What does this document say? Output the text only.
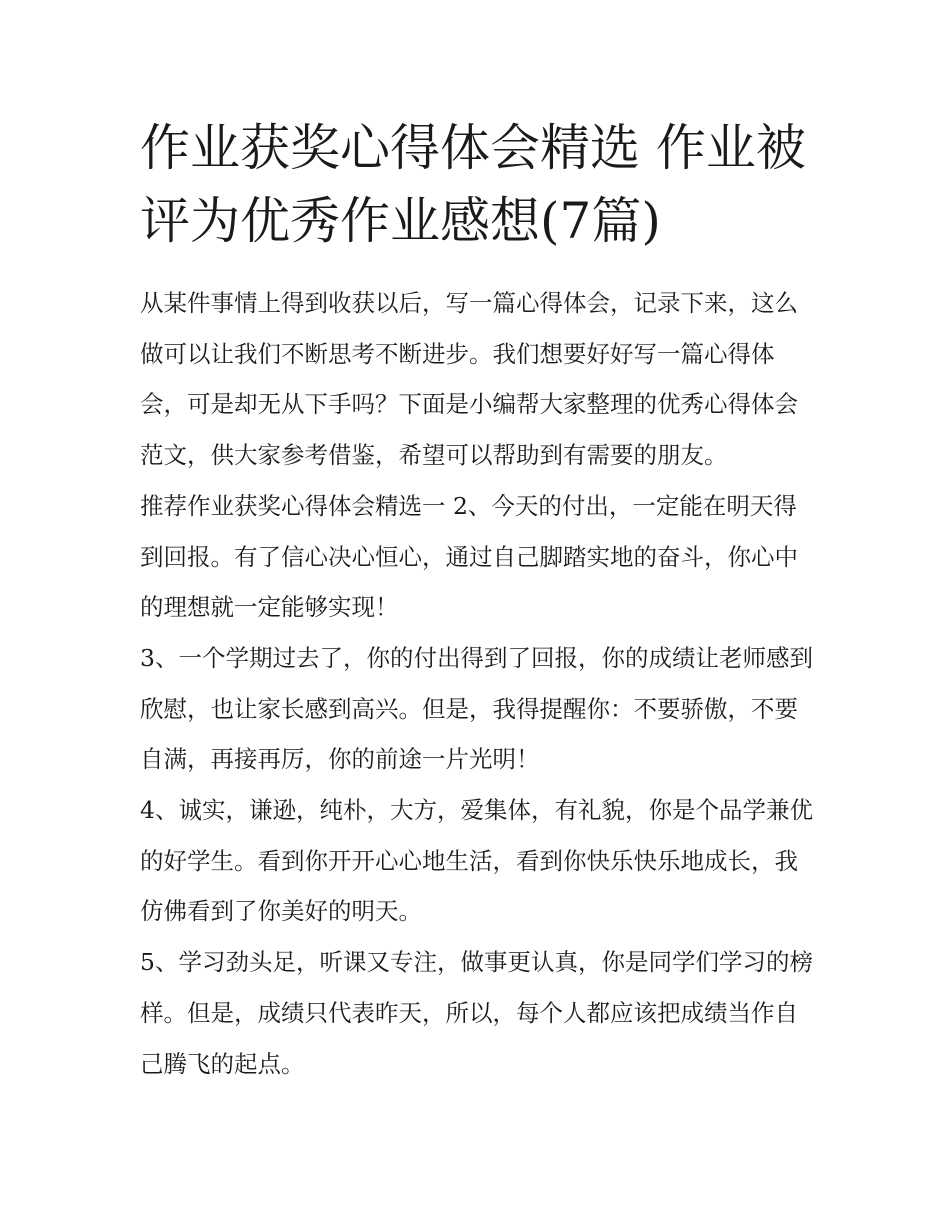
作业获奖心得体会精选 作业被评为优秀作业感想(7篇)

从某件事情上得到收获以后，写一篇心得体会，记录下来，这么做可以让我们不断思考不断进步。我们想要好好写一篇心得体会，可是却无从下手吗？下面是小编帮大家整理的优秀心得体会范文，供大家参考借鉴，希望可以帮助到有需要的朋友。

推荐作业获奖心得体会精选一 2、今天的付出，一定能在明天得到回报。有了信心决心恒心，通过自己脚踏实地的奋斗，你心中的理想就一定能够实现！

3、一个学期过去了，你的付出得到了回报，你的成绩让老师感到欣慰，也让家长感到高兴。但是，我得提醒你：不要骄傲，不要自满，再接再厉，你的前途一片光明！

4、诚实，谦逊，纯朴，大方，爱集体，有礼貌，你是个品学兼优的好学生。看到你开开心心地生活，看到你快乐快乐地成长，我仿佛看到了你美好的明天。

5、学习劲头足，听课又专注，做事更认真，你是同学们学习的榜样。但是，成绩只代表昨天，所以，每个人都应该把成绩当作自己腾飞的起点。
